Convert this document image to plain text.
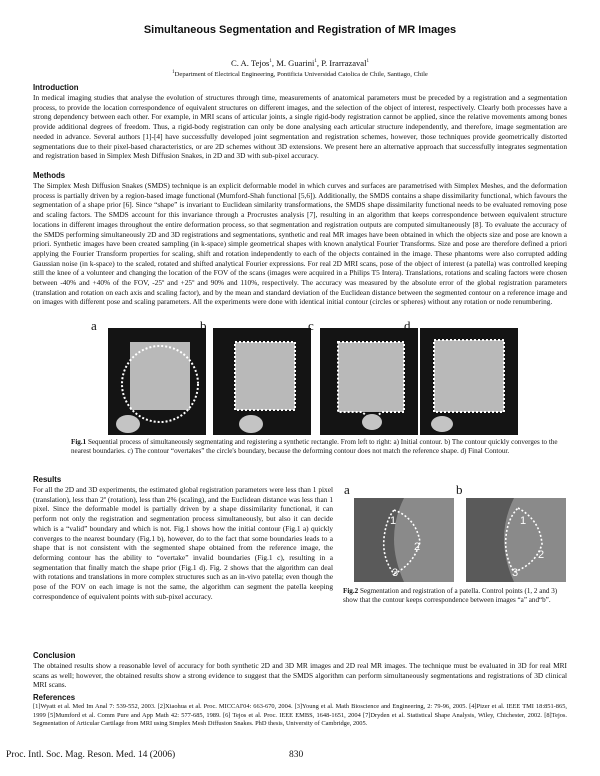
Simultaneous Segmentation and Registration of MR Images
C. A. Tejos$^1$, M. Guarini$^1$, P. Irarrazaval$^1$
$^1$Department of Electrical Engineering, Pontificia Universidad Catolica de Chile, Santiago, Chile
Introduction

In medical imaging studies that analyse the evolution of structures through time, measurements of anatomical parameters must be preceded by a registration and a segmentation process, to provide the location correspondence of equivalent structures on different images, and the selection of the object of interest, respectively. Clearly both processes have a strong dependency between each other. For example, in MRI scans of articular joints, a single rigid-body registration cannot be applied, since the relative movements among bones provide additional degrees of freedom. Thus, a rigid-body registration can only be done analysing each articular structure independently, and therefore, image segmentation are needed in advance. Several authors [1]-[4] have successfully developed joint segmentation and registration schemes, however, those techniques provide geometrically distorted segmentations due to their pixel-based characteristics, or are 2D schemes without 3D extensions. We present here an alternative approach that successfully integrates segmentation and registration based in Simplex Mesh Diffusion Snakes, in 2D and 3D with sub-pixel accuracy.

Methods

The Simplex Mesh Diffusion Snakes (SMDS) technique is an explicit deformable model in which curves and surfaces are parametrised with Simplex Meshes, and the deformation process is partially driven by a region-based image functional (Mumford-Shah functional [5,6]). Additionally, the SMDS contains a shape dissimilarity functional, which favours the segmentation of a shape prior [6]. Since “shape” is invariant to Euclidean similarity transformations, the SMDS shape dissimilarity functional needs to be evaluated removing pose and scaling factors. The SMDS account for this invariance through a Procrustes analysis [7], resulting in an algorithm that keeps correspondence between equivalent structure locations in different images throughout the entire deformation process, so that segmentation and registration outputs are computed simultaneously [8]. To evaluate the accuracy of the SMDS performing simultaneously 2D and 3D registrations and segmentations, synthetic and real MR images have been obtained in which the objects size and pose are known a priori. Synthetic images have been created sampling (in k-space) simple geometrical shapes with known analytical Fourier Transforms. Size and pose are therefore defined a priori applying the Fourier Transform properties for scaling, shift and rotation independently to each of the objects contained in the image. These phantoms were also corrupted adding Gaussian noise (in k-space) to the scaled, rotated and shifted analytical Fourier expressions. For real 2D MRI scans, pose of the object of interest (a patella) was controlled keeping still the knee of a volunteer and changing the location of the FOV of the scans (images were acquired in a Philips T5 Intera). Translations, rotations and scaling factors were chosen between -40% and +40% of the FOV, -25º and +25º and 90% and 110%, respectively. The accuracy was measured by the absolute error of the global registration parameters (translation and rotation on each axis and scaling factor), and by the mean and standard deviation of the Euclidean distance between the segmented contour on a reference image and on images with different pose and scaling parameters. All the experiments were done with identical initial contour (circles or spheres) without any rotation or node renumbering.

a	b	c	d

Fig.1 Sequential process of simultaneously segmentating and registering a synthetic rectangle. From left to right: a) Initial contour. b) The contour quickly converges to the nearest boundaries. c) The contour “overtakes” the circle's boundary, because the deforming contour does not match the reference shape. d) Final Contour.

Results

For all the 2D and 3D experiments, the estimated global registration parameters were less than 1 pixel (translation), less than 2º (rotation), less than 2% (scaling), and the Euclidean distance was less than 1 pixel. Since the deformable model is partially driven by a shape dissimilarity functional, it can perform not only the registration and segmentation process simultaneously, but also it can decide which is a “valid” boundary and which is not. Fig.1 shows how the initial contour (Fig.1 a) quickly converges to the nearest boundary (Fig.1 b), however, do to the fact that some boundaries leads to a shape that is not consistent with the segmented shape obtained from the reference image, the deforming contour has the ability to “overtake” invalid boundaries (Fig.1 c), resulting in a segmentation that finally match the shape prior (Fig.1 d). Fig. 2 shows that the algorithm can deal with rotations and translations in more complex structures such as an in-vivo patella; even though the pose of the FOV on each image is not the same, the algorithm can segment the patella keeping correspondence of equivalent points with sub-pixel accuracy.

a
1
2
3
b
1
2
3

Fig.2 Segmentation and registration of a patella. Control points (1, 2 and 3) show that the contour keeps correspondence between images “a” and“b”.

Conclusion

The obtained results show a reasonable level of accuracy for both synthetic 2D and 3D MR images and 2D real MR images. The technique must be evaluated in 3D for real MRI scans as well; however, the obtained results show a strong evidence to suggest that the SMDS algorithm can perform simultaneously segmentations and registrations of 3D clinical MRI scans.

References

[1]Wyatt et al. Med Im Anal 7: 539-552, 2003. [2]Xiaohua et al. Proc. MICCAI'04: 663-670, 2004. [3]Young et al. Math Bioscience and Engineering, 2: 79-96, 2005. [4]Pizer et al. IEEE TMI 18:851-865, 1999 [5]Mumford et al. Comm Pure and App Math 42: 577-685, 1989. [6] Tejos et al. Proc. IEEE EMBS, 1648-1651, 2004 [7]Dryden et al. Statistical Shape Analysis, Wiley, Chichester, 2002. [8]Tejos. Segmentation of Articular Cartilage from MRI using Simplex Mesh Diffusion Snakes. PhD thesis, University of Cambridge, 2005.

Proc. Intl. Soc. Mag. Reson. Med. 14 (2006)	830
